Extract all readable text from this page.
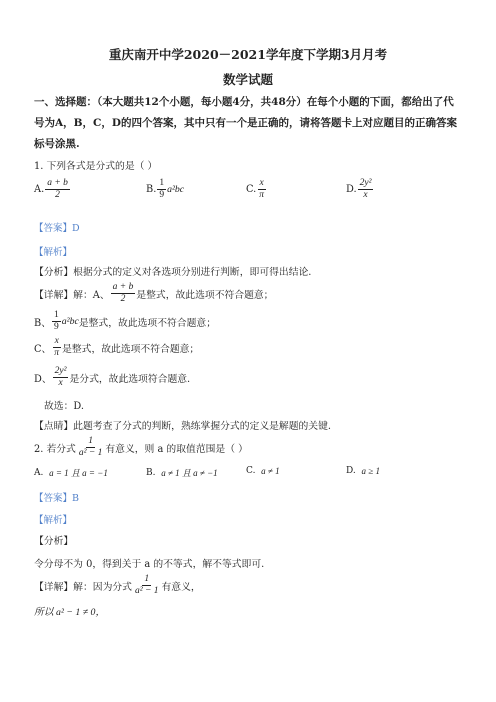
重庆南开中学2020－2021学年度下学期3月月考
数学试题
一、选择题：（本大题共12个小题，每小题4分，共48分）在每个小题的下面，都给出了代
号为A，B，C，D的四个答案，其中只有一个是正确的，请将答题卡上对应题目的正确答案
标号涂黑.
1. 下列各式是分式的是（ ）
A. $\frac{a + b}{2}$	B. $\frac{1}{9} a^2bc$	C. $\frac{x}{\pi}$	D. $\frac{\text{2y²}}{x}$
【答案】D
【解析】
【分析】根据分式的定义对各选项分别进行判断，即可得出结论.
【详解】解：A、 $\frac{a + b}{2}$ 是整式，故此选项不符合题意；
B、 $\frac{1}{9} a^2bc$ 是整式，故此选项不符合题意；
C、 $\frac{x}{\pi}$ 是整式，故此选项不符合题意；
D、 $\frac{\text{2y²}}{x}$ 是分式，故此选项符合题意.
故选：D.
【点睛】此题考查了分式的判断，熟练掌握分式的定义是解题的关键.
2. 若分式 $\frac{1}{\text{a² − 1}}$ 有意义，则 a 的取值范围是（ ）
A.
a = 1 且 a = −1	B.
a ≠ 1 且 a ≠ −1	C.
a ≠ 1	D.
a ≥ 1
【答案】B
【解析】
【分析】
令分母不为 0，得到关于 a 的不等式，解不等式即可.
【详解】解：因为分式 $\frac{1}{\text{a² − 1}}$ 有意义，
所以 a² − 1 ≠ 0，
